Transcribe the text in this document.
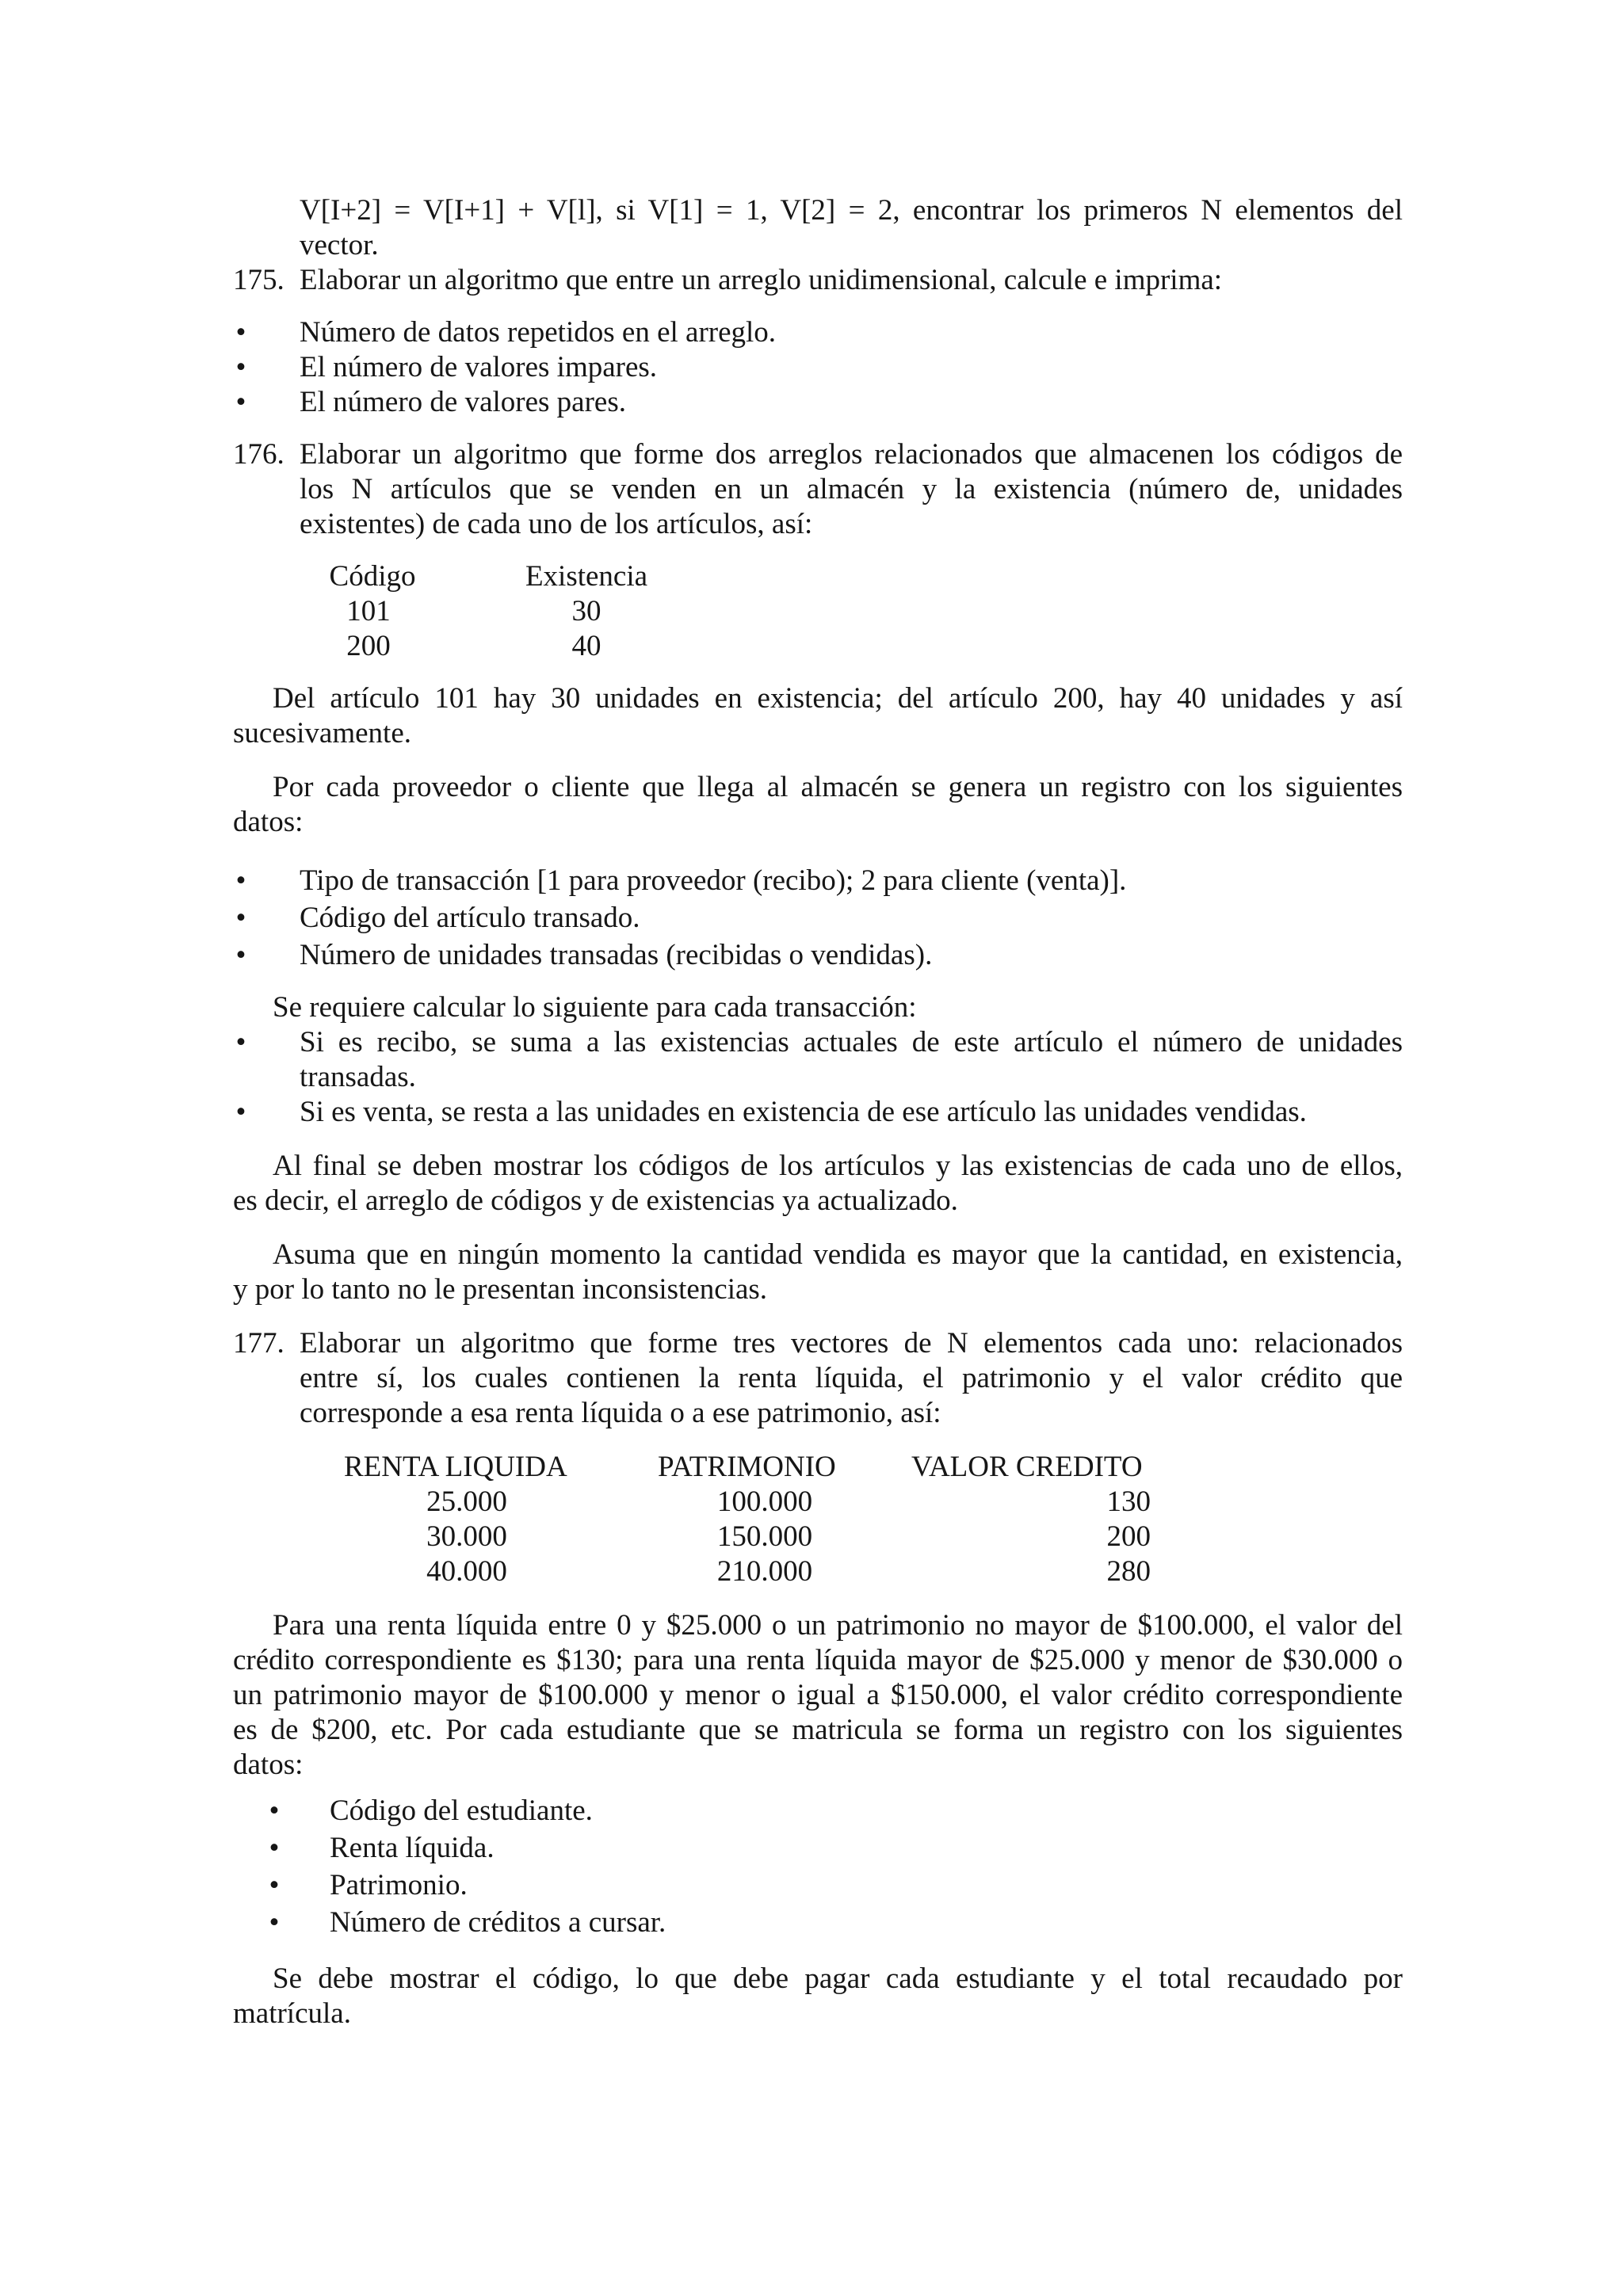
V[I+2] = V[I+1] + V[l], si V[1] = 1, V[2] = 2, encontrar los primeros N elementos del
vector.
175. Elaborar un algoritmo que entre un arreglo unidimensional, calcule e imprima:
• Número de datos repetidos en el arreglo.
• El número de valores impares.
• El número de valores pares.
176. Elaborar un algoritmo que forme dos arreglos relacionados que almacenen los códigos de
los N artículos que se venden en un almacén y la existencia (número de, unidades
existentes) de cada uno de los artículos, así:
Código	Existencia
101	30
200	40
Del artículo 101 hay 30 unidades en existencia; del artículo 200, hay 40 unidades y así
sucesivamente.
Por cada proveedor o cliente que llega al almacén se genera un registro con los siguientes
datos:
• Tipo de transacción [1 para proveedor (recibo); 2 para cliente (venta)].
• Código del artículo transado.
• Número de unidades transadas (recibidas o vendidas).
Se requiere calcular lo siguiente para cada transacción:
• Si es recibo, se suma a las existencias actuales de este artículo el número de unidades
transadas.
• Si es venta, se resta a las unidades en existencia de ese artículo las unidades vendidas.
Al final se deben mostrar los códigos de los artículos y las existencias de cada uno de ellos,
es decir, el arreglo de códigos y de existencias ya actualizado.
Asuma que en ningún momento la cantidad vendida es mayor que la cantidad, en existencia,
y por lo tanto no le presentan inconsistencias.
177. Elaborar un algoritmo que forme tres vectores de N elementos cada uno: relacionados
entre sí, los cuales contienen la renta líquida, el patrimonio y el valor crédito que
corresponde a esa renta líquida o a ese patrimonio, así:
RENTA LIQUIDA	PATRIMONIO	VALOR CREDITO
25.000	100.000	130
30.000	150.000	200
40.000	210.000	280
Para una renta líquida entre 0 y $25.000 o un patrimonio no mayor de $100.000, el valor del
crédito correspondiente es $130; para una renta líquida mayor de $25.000 y menor de $30.000 o
un patrimonio mayor de $100.000 y menor o igual a $150.000, el valor crédito correspondiente
es de $200, etc. Por cada estudiante que se matricula se forma un registro con los siguientes
datos:
• Código del estudiante.
• Renta líquida.
• Patrimonio.
• Número de créditos a cursar.
Se debe mostrar el código, lo que debe pagar cada estudiante y el total recaudado por
matrícula.
